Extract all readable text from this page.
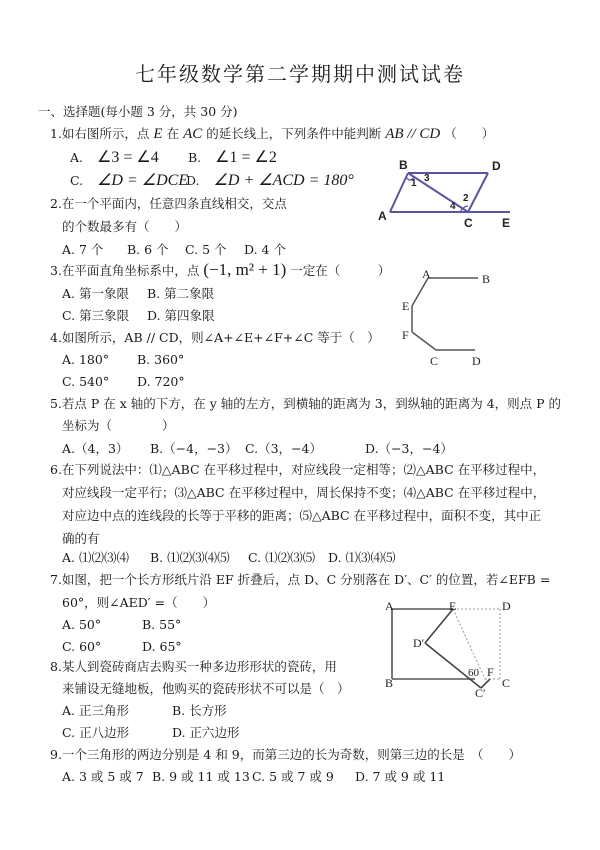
七年级数学第二学期期中测试试卷
一、选择题(每小题 3 分，共 30 分)
1.如右图所示，点 E 在 AC 的延长线上，下列条件中能判断 AB // CD （　　）
A. ∠3 = ∠4 B. ∠1 = ∠2
C. ∠D = ∠DCE
D. ∠D + ∠ACD = 180°
B	D
A	C E
1 3
2
4
2.在一个平面内，任意四条直线相交，交点
的个数最多有（　　）
A. 7 个 B. 6 个 C. 5 个 D. 4 个
3.在平面直角坐标系中，点 (−1, m² + 1) 一定在（　　　）
A. 第一象限 B. 第二象限
C. 第三象限 D. 第四象限
A	B
E
F
C	D
4.如图所示，AB // CD，则∠A+∠E+∠F+∠C 等于（　）
A. 180° B. 360°
C. 540° D. 720°
5.若点 P 在 x 轴的下方，在 y 轴的左方，到横轴的距离为 3，到纵轴的距离为 4，则点 P 的
坐标为（　　　　）
A.（4，3） B.（−4，−3） C.（3，−4）	D.（−3，−4）
6.在下列说法中：⑴△ABC 在平移过程中，对应线段一定相等；⑵△ABC 在平移过程中，
对应线段一定平行；⑶△ABC 在平移过程中，周长保持不变；⑷△ABC 在平移过程中，
对应边中点的连线段的长等于平移的距离；⑸△ABC 在平移过程中，面积不变，其中正
确的有
A. ⑴⑵⑶⑷ B. ⑴⑵⑶⑷⑸ C. ⑴⑵⑶⑸ D. ⑴⑶⑷⑸
7.如图，把一个长方形纸片沿 EF 折叠后，点 D、C 分别落在 D′、C′ 的位置，若∠EFB =
60°，则∠AED′ =（　　）
A. 50°	B. 55°
C. 60°	D. 65°
A	E	D
D′
B
60 F
C
C′
8.某人到瓷砖商店去购买一种多边形形状的瓷砖，用
来铺设无缝地板，他购买的瓷砖形状不可以是（　）
A. 正三角形	B. 长方形
C. 正八边形	D. 正六边形
9.一个三角形的两边分别是 4 和 9，而第三边的长为奇数，则第三边的长是　（　　）
A. 3 或 5 或 7 B. 9 或 11 或 13 C. 5 或 7 或 9 D. 7 或 9 或 11
